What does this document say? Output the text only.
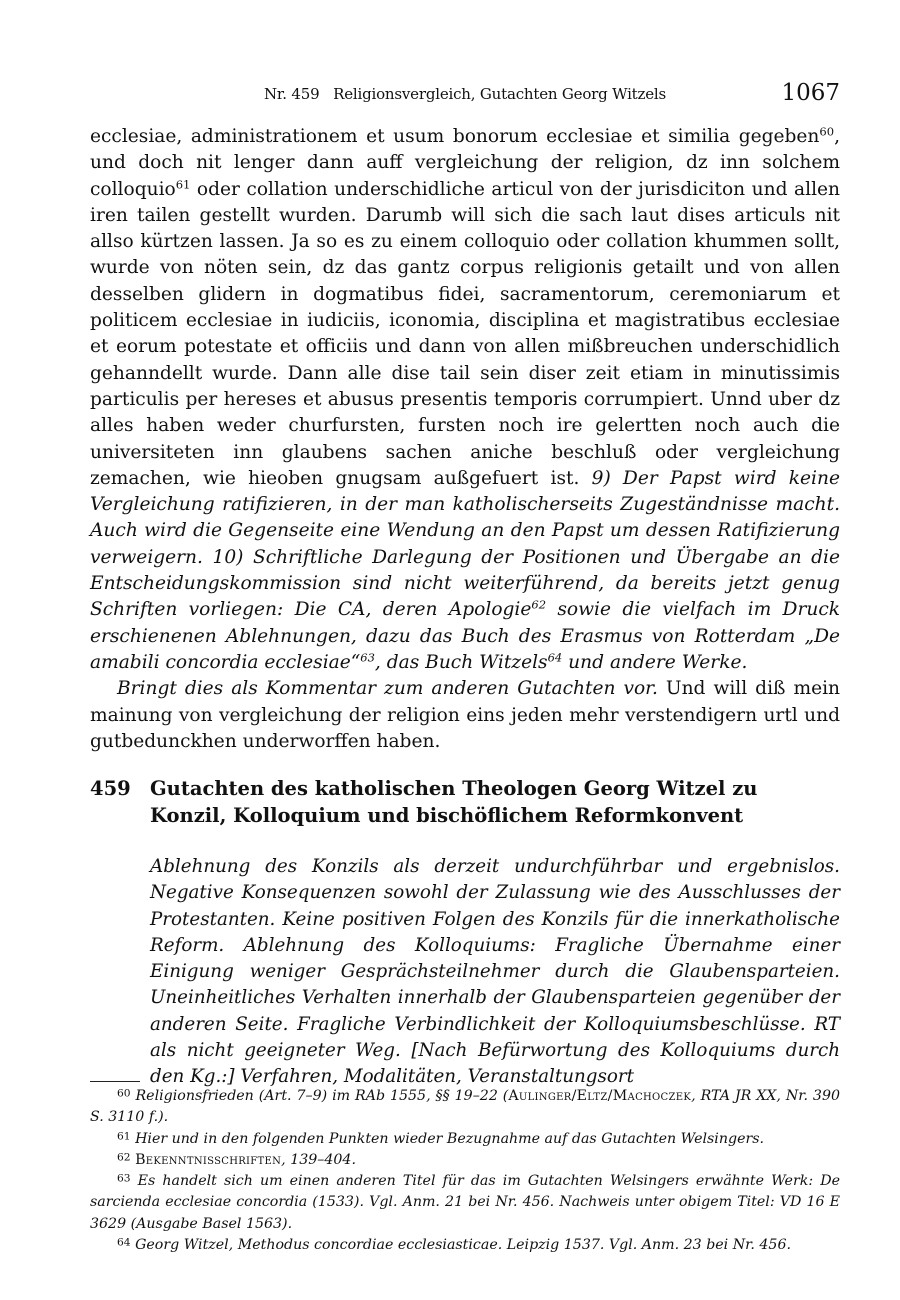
Nr. 459 Religionsvergleich, Gutachten Georg Witzels	1067

ecclesiae, administrationem et usum bonorum ecclesiae et similia gegeben$^{60}$, und doch nit lenger dann auff vergleichung der religion, dz inn solchem colloquio$^{61}$ oder collation underschidliche articul von der jurisdiciton und allen iren tailen gestellt wurden. Darumb will sich die sach laut dises articuls nit allso kürtzen lassen. Ja so es zu einem colloquio oder collation khummen sollt, wurde von nöten sein, dz das gantz corpus religionis getailt und von allen desselben glidern in dogmatibus fidei, sacramentorum, ceremoniarum et politicem ecclesiae in iudiciis, iconomia, disciplina et magistratibus ecclesiae et eorum potestate et officiis und dann von allen mißbreuchen underschidlich gehanndellt wurde. Dann alle dise tail sein diser zeit etiam in minutissimis particulis per hereses et abusus presentis temporis corrumpiert. Unnd uber dz alles haben weder churfursten, fursten noch ire gelertten noch auch die universiteten inn glaubens sachen aniche beschluß oder vergleichung zemachen, wie hieoben gnugsam außgefuert ist. 9) Der Papst wird keine Vergleichung ratifizieren, in der man katholischerseits Zugeständnisse macht. Auch wird die Gegenseite eine Wendung an den Papst um dessen Ratifizierung verweigern. 10) Schriftliche Darlegung der Positionen und Übergabe an die Entscheidungskommission sind nicht weiterführend, da bereits jetzt genug Schriften vorliegen: Die CA, deren Apologie$^{62}$ sowie die vielfach im Druck erschienenen Ablehnungen, dazu das Buch des Erasmus von Rotterdam „De amabili concordia ecclesiae“$^{63}$, das Buch Witzels$^{64}$ und andere Werke.

Bringt dies als Kommentar zum anderen Gutachten vor. Und will diß mein mainung von vergleichung der religion eins jeden mehr verstendigern urtl und gutbedunckhen underworffen haben.

459 Gutachten des katholischen Theologen Georg Witzel zu Konzil, Kolloquium und bischöflichem Reformkonvent
Ablehnung des Konzils als derzeit undurchführbar und ergebnislos. Negative Konsequenzen sowohl der Zulassung wie des Ausschlusses der Protestanten. Keine positiven Folgen des Konzils für die innerkatholische Reform. Ablehnung des Kolloquiums: Fragliche Übernahme einer Einigung weniger Gesprächsteilnehmer durch die Glaubensparteien. Uneinheitliches Verhalten innerhalb der Glaubensparteien gegenüber der anderen Seite. Fragliche Verbindlichkeit der Kolloquiumsbeschlüsse. RT als nicht geeigneter Weg. [Nach Befürwortung des Kolloquiums durch den Kg.:] Verfahren, Modalitäten, Veranstaltungsort

$^{60}$ Religionsfrieden (Art. 7–9) im RAb 1555, §§ 19–22 (Aulinger/Eltz/Machoczek, RTA JR XX, Nr. 390 S. 3110 f.).

$^{61}$ Hier und in den folgenden Punkten wieder Bezugnahme auf das Gutachten Welsingers.

$^{62}$ Bekenntnisschriften, 139–404.

$^{63}$ Es handelt sich um einen anderen Titel für das im Gutachten Welsingers erwähnte Werk: De sarcienda ecclesiae concordia (1533). Vgl. Anm. 21 bei Nr. 456. Nachweis unter obigem Titel: VD 16 E 3629 (Ausgabe Basel 1563).

$^{64}$ Georg Witzel, Methodus concordiae ecclesiasticae. Leipzig 1537. Vgl. Anm. 23 bei Nr. 456.
